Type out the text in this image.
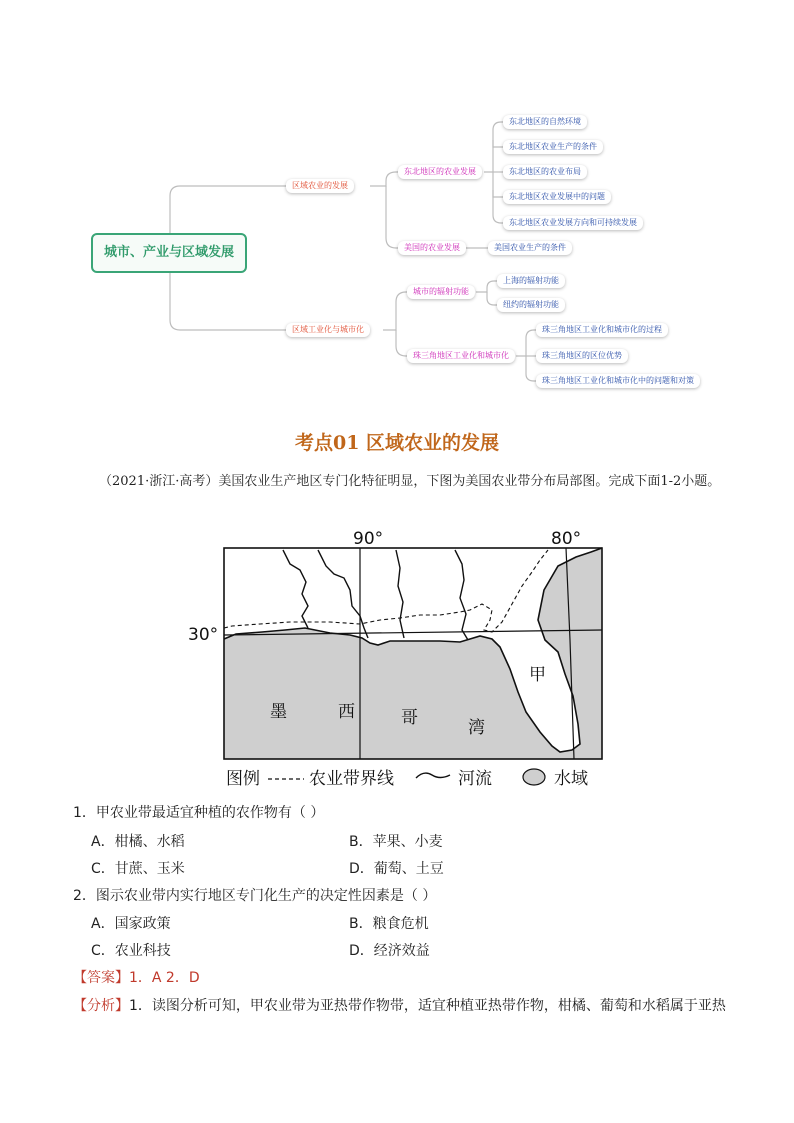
城市、产业与区域发展
区域农业的发展
区域工业化与城市化
东北地区的农业发展
美国的农业发展
城市的辐射功能
珠三角地区工业化和城市化
东北地区的自然环境
东北地区农业生产的条件
东北地区的农业布局
东北地区农业发展中的问题
东北地区农业发展方向和可持续发展
美国农业生产的条件
上海的辐射功能
纽约的辐射功能
珠三角地区工业化和城市化的过程
珠三角地区的区位优势
珠三角地区工业化和城市化中的问题和对策
考点01 区域农业的发展
（2021·浙江·高考）美国农业生产地区专门化特征明显，下图为美国农业带分布局部图。完成下面1-2小题。
90°	80°
30°
甲
墨	西	哥	湾
图例	农业带界线	河流	水域
1．甲农业带最适宜种植的农作物有（ ）
A．柑橘、水稻	B．苹果、小麦
C．甘蔗、玉米	D．葡萄、土豆
2．图示农业带内实行地区专门化生产的决定性因素是（ ）
A．国家政策	B．粮食危机
C．农业科技	D．经济效益
【答案】1．A 2．D
【分析】1．读图分析可知，甲农业带为亚热带作物带，适宜种植亚热带作物，柑橘、葡萄和水稻属于亚热
